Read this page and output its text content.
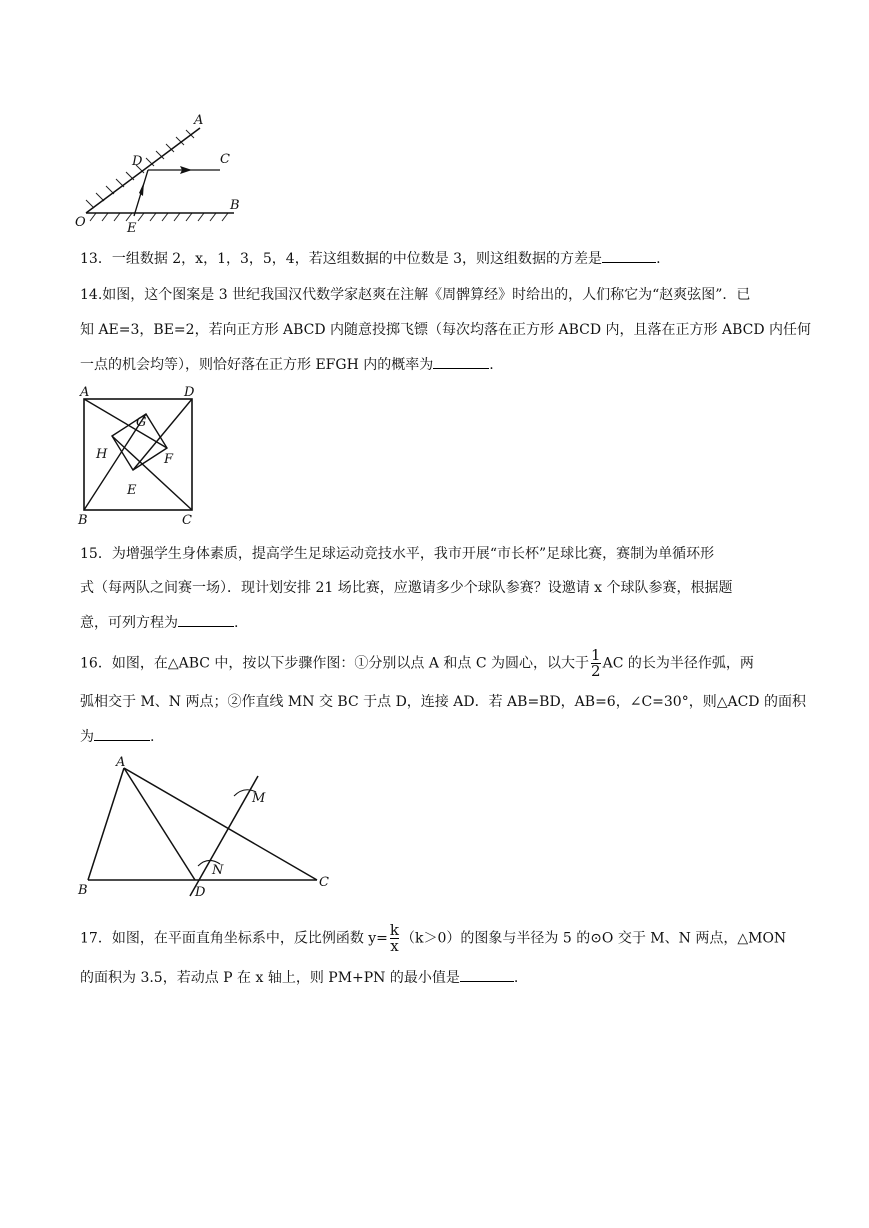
A
D	C
B
O	E
13．一组数据 2，x，1，3，5，4，若这组数据的中位数是 3，则这组数据的方差是	.
14.如图，这个图案是 3 世纪我国汉代数学家赵爽在注解《周髀算经》时给出的，人们称它为“赵爽弦图”．已
知 AE=3，BE=2，若向正方形 ABCD 内随意投掷飞镖（每次均落在正方形 ABCD 内，且落在正方形 ABCD 内任何
一点的机会均等），则恰好落在正方形 EFGH 内的概率为	.
A	D
B	C
G
H	F
E
15．为增强学生身体素质，提高学生足球运动竞技水平，我市开展“市长杯”足球比赛，赛制为单循环形
式（每两队之间赛一场）．现计划安排 21 场比赛，应邀请多少个球队参赛？设邀请 x 个球队参赛，根据题
意，可列方程为	.
16．如图，在△ABC 中，按以下步骤作图：①分别以点 A 和点 C 为圆心，以大于 $\frac{1}{2}$ AC 的长为半径作弧，两
弧相交于 M、N 两点；②作直线 MN 交 BC 于点 D，连接 AD．若 AB=BD，AB=6，∠C=30°，则△ACD 的面积
为	.
A
M
N
B	D
C
17．如图，在平面直角坐标系中，反比例函数 $y= \frac{k}{x} (k>0)$的图象与半径为 5 的⊙O 交于 M、N 两点，△MON
的面积为 3.5，若动点 P 在 x 轴上，则 PM+PN 的最小值是	.
